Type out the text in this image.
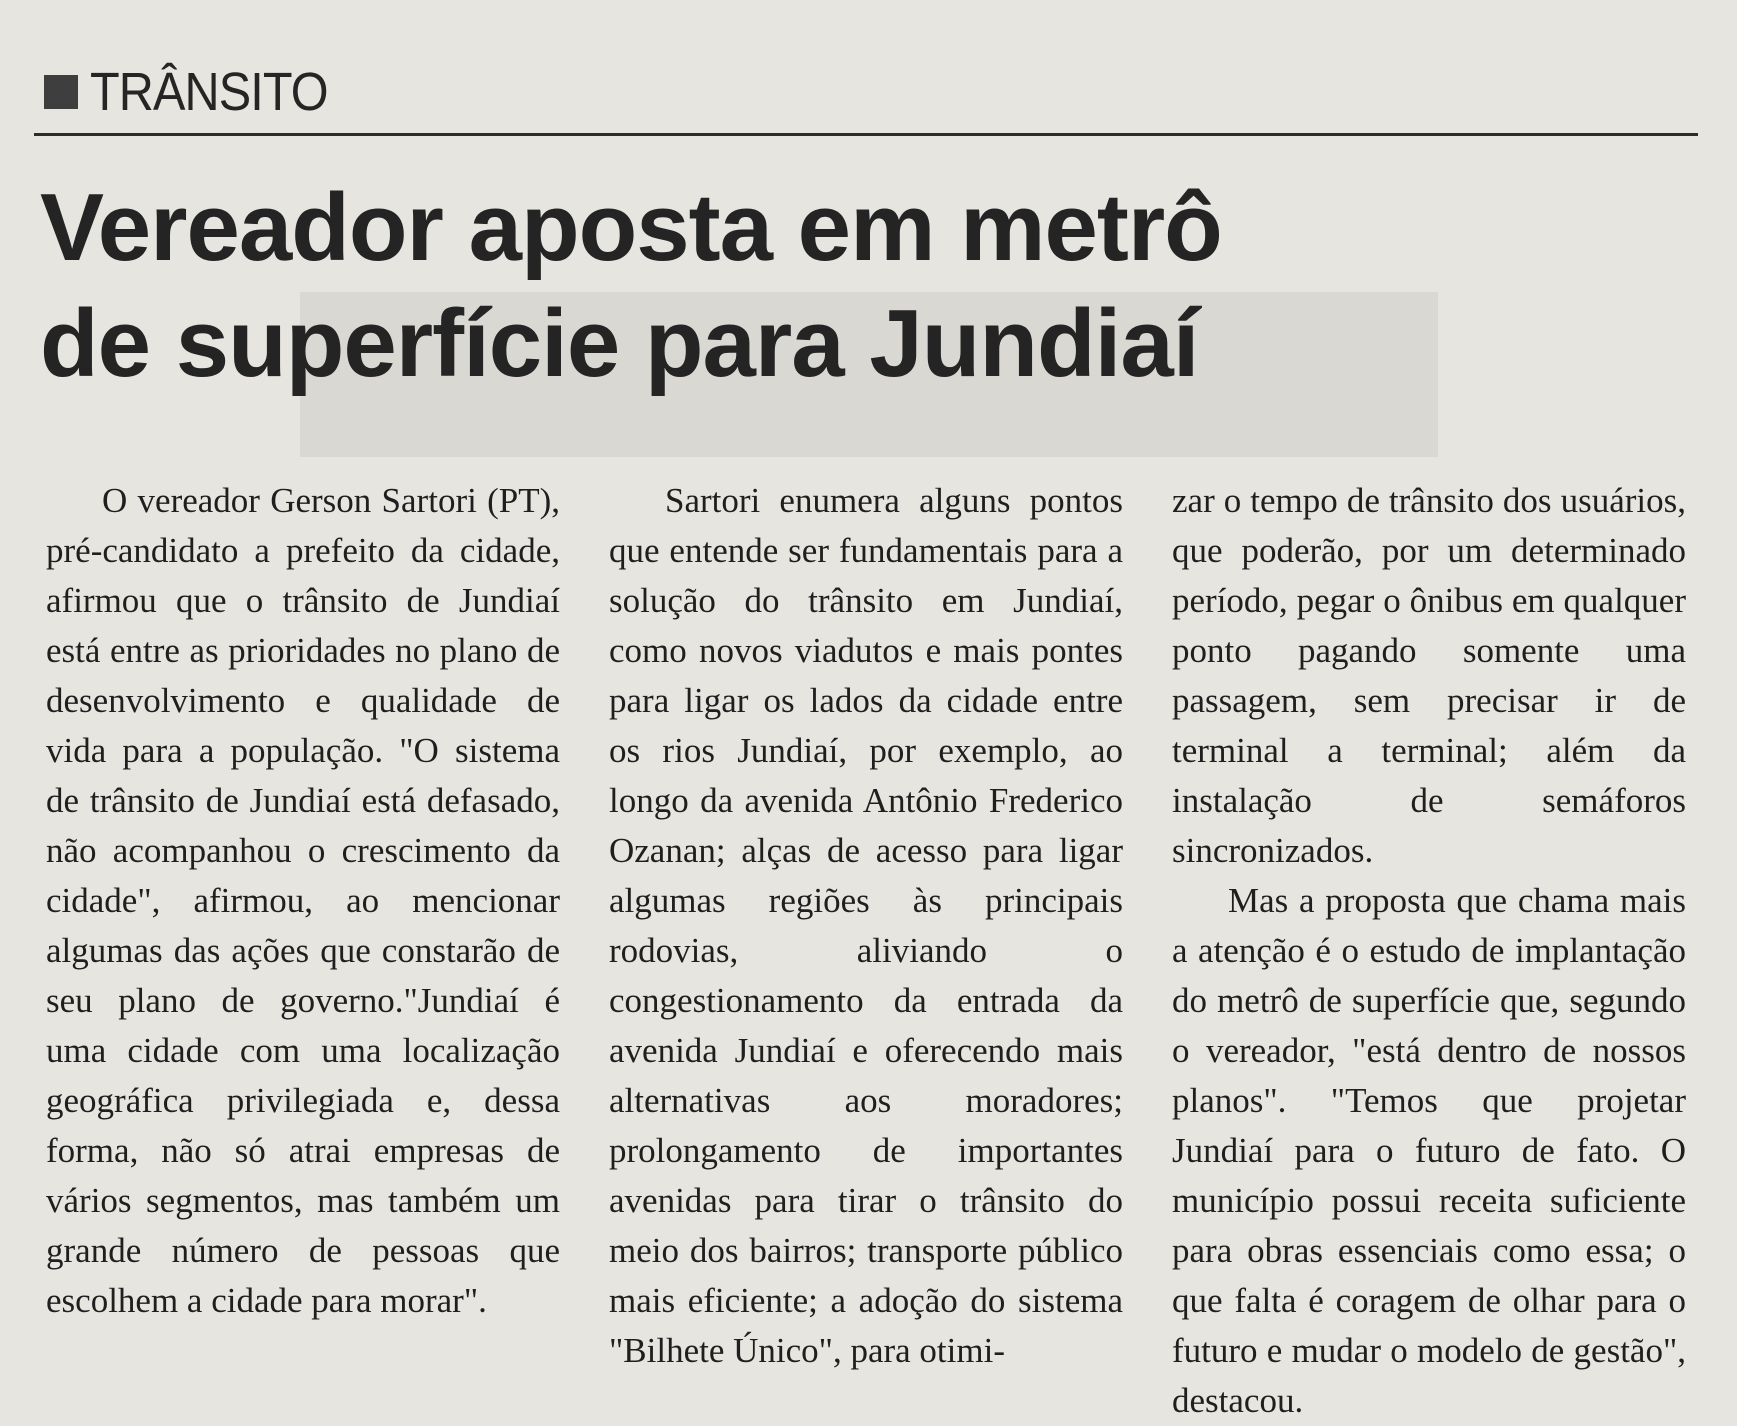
TRÂNSITO
Vereador aposta em metrô
de superfície para Jundiaí

O vereador Gerson Sartori (PT), pré-candidato a prefeito da cidade, afirmou que o trânsito de Jundiaí está entre as prioridades no plano de desenvolvimento e qualidade de vida para a população. "O sistema de trânsito de Jundiaí está defasado, não acompanhou o crescimento da cidade", afirmou, ao mencionar algumas das ações que constarão de seu plano de governo."Jundiaí é uma cidade com uma localização geográfica privilegiada e, dessa forma, não só atrai empresas de vários segmentos, mas também um grande número de pessoas que escolhem a cidade para morar".

Sartori enumera alguns pontos que entende ser fundamentais para a solução do trânsito em Jundiaí, como novos viadutos e mais pontes para ligar os lados da cidade entre os rios Jundiaí, por exemplo, ao longo da avenida Antônio Frederico Ozanan; alças de acesso para ligar algumas regiões às principais rodovias, aliviando o congestionamento da entrada da avenida Jundiaí e oferecendo mais alternativas aos moradores; prolongamento de importantes avenidas para tirar o trânsito do meio dos bairros; transporte público mais eficiente; a adoção do sistema "Bilhete Único", para otimi-

zar o tempo de trânsito dos usuários, que poderão, por um determinado período, pegar o ônibus em qualquer ponto pagando somente uma passagem, sem precisar ir de terminal a terminal; além da instalação de semáforos sincronizados.

Mas a proposta que chama mais a atenção é o estudo de implantação do metrô de superfície que, segundo o vereador, "está dentro de nossos planos". "Temos que projetar Jundiaí para o futuro de fato. O município possui receita suficiente para obras essenciais como essa; o que falta é coragem de olhar para o futuro e mudar o modelo de gestão", destacou.
